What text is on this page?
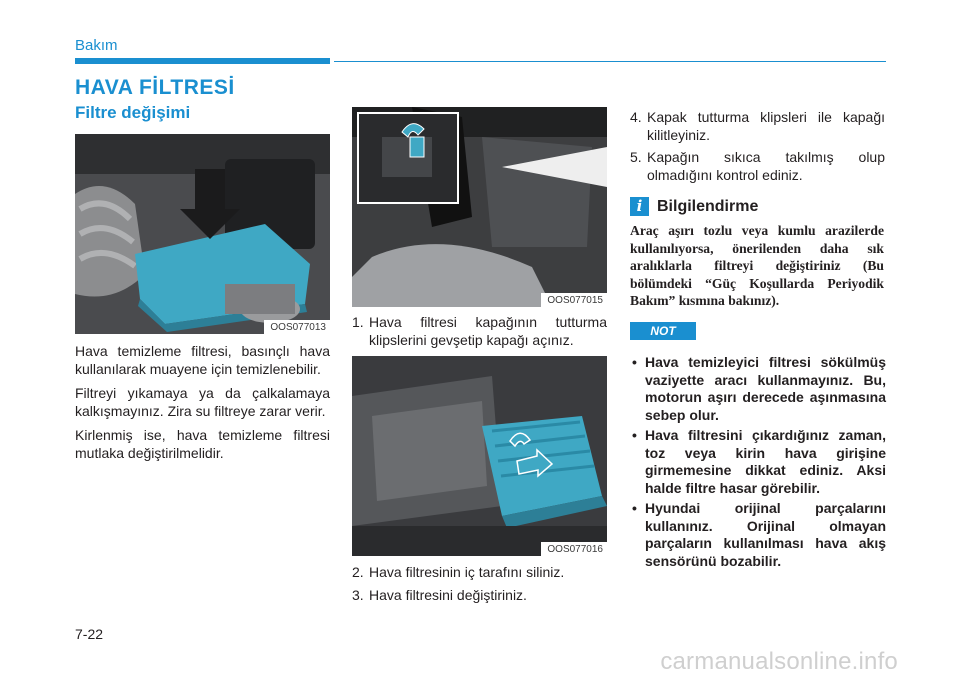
Bakım
HAVA FİLTRESİ
Filtre değişimi
OOS077013

Hava temizleme filtresi, basınçlı hava kullanılarak muayene için temizlenebilir.

Filtreyi yıkamaya ya da çalkalamaya kalkışmayınız. Zira su filtreye zarar verir.

Kirlenmiş ise, hava temizleme filtresi mutlaka değiştirilmelidir.

OOS077015
1. Hava filtresi kapağının tutturma klipslerini gevşetip kapağı açınız.
OOS077016
2. Hava filtresinin iç tarafını siliniz.
3. Hava filtresini değiştiriniz.
4. Kapak tutturma klipsleri ile kapağı kilitleyiniz.
5. Kapağın sıkıca takılmış olup olmadığını kontrol ediniz.
i Bilgilendirme
Araç aşırı tozlu veya kumlu arazilerde kullanılıyorsa, önerilenden daha sık aralıklarla filtreyi değiştiriniz (Bu bölümdeki “Güç Koşullarda Periyodik Bakım” kısmına bakınız).
NOT
• Hava temizleyici filtresi sökülmüş vaziyette aracı kullanmayınız. Bu, motorun aşırı derecede aşınmasına sebep olur.
• Hava filtresini çıkardığınız zaman, toz veya kirin hava girişine girmemesine dikkat ediniz. Aksi halde filtre hasar görebilir.
• Hyundai orijinal parçalarını kullanınız. Orijinal olmayan parçaların kullanılması hava akış sensörünü bozabilir.
7-22
carmanualsonline.info
